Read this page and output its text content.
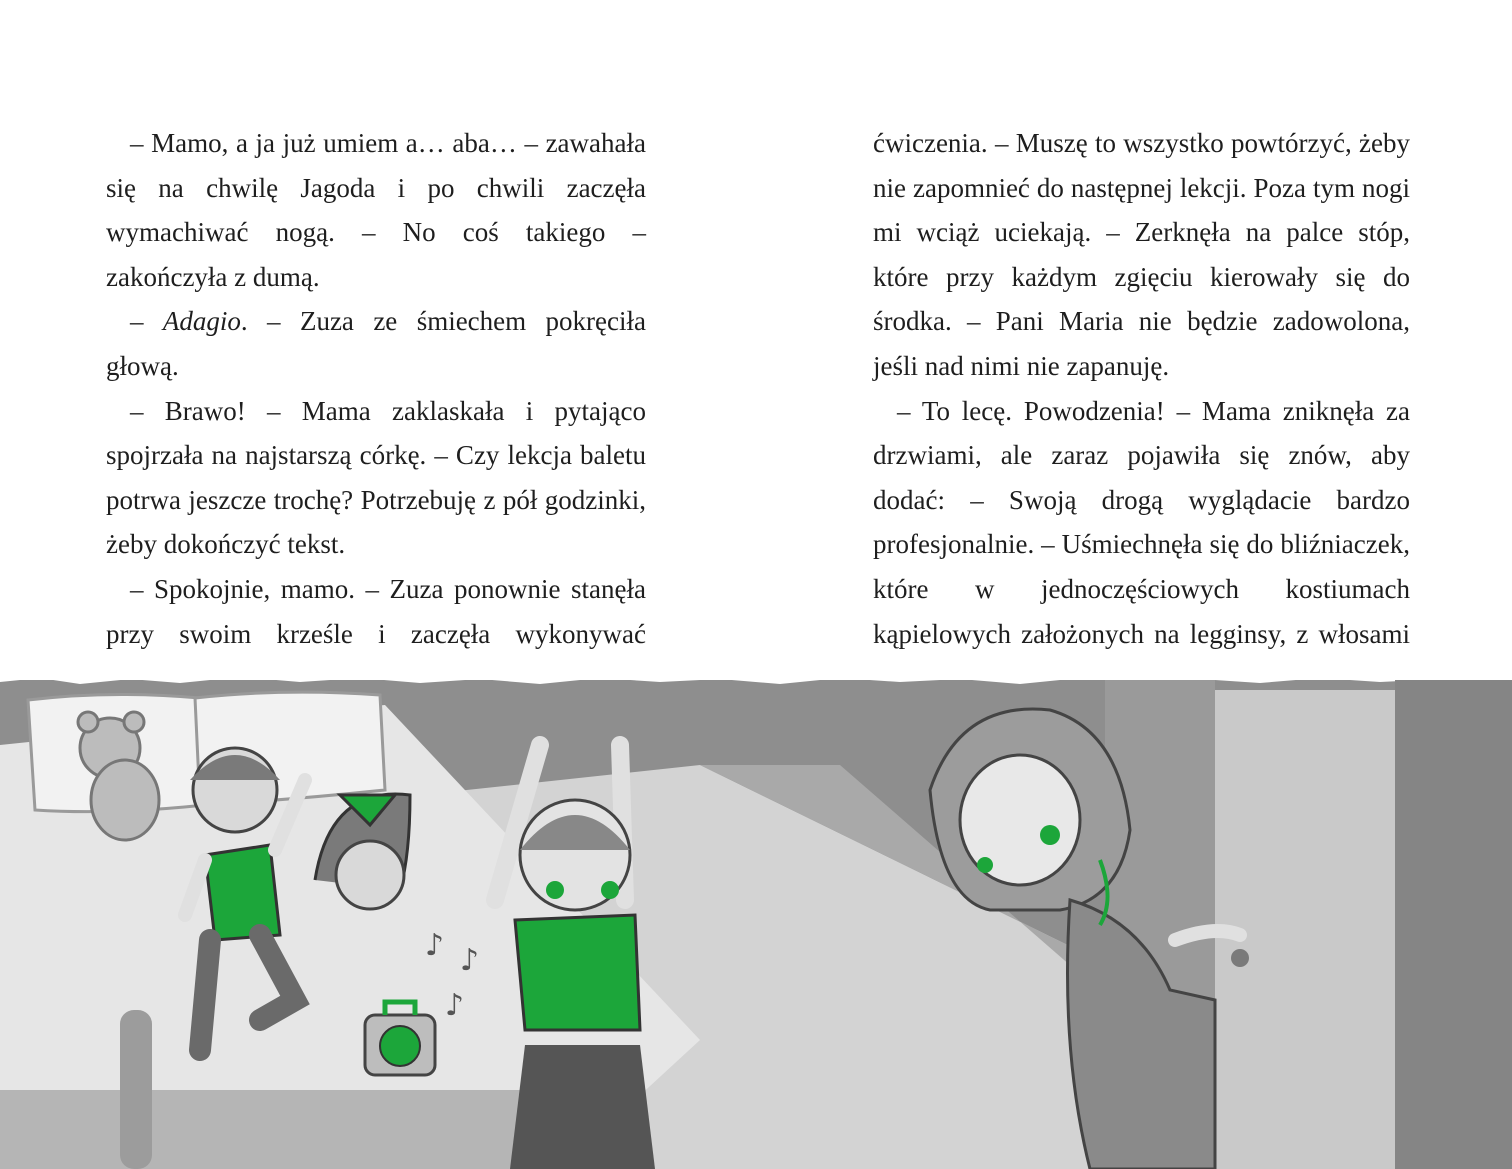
– Mamo, a ja już umiem a… aba… – zawahała się na chwilę Jagoda i po chwili zaczęła wymachiwać nogą. – No coś takiego – zakończyła z dumą.

– Adagio. – Zuza ze śmiechem pokręciła głową.

– Brawo! – Mama zaklaskała i pytająco spojrzała na najstarszą córkę. – Czy lekcja baletu potrwa jeszcze trochę? Potrzebuję z pół godzinki, żeby dokończyć tekst.

– Spokojnie, mamo. – Zuza ponownie stanęła przy swoim krześle i zaczęła wykonywać

ćwiczenia. – Muszę to wszystko powtórzyć, żeby nie zapomnieć do następnej lekcji. Poza tym nogi mi wciąż uciekają. – Zerknęła na palce stóp, które przy każdym zgięciu kierowały się do środka. – Pani Maria nie będzie zadowolona, jeśli nad nimi nie zapanuję.

– To lecę. Powodzenia! – Mama zniknęła za drzwiami, ale zaraz pojawiła się znów, aby dodać: – Swoją drogą wyglądacie bardzo profesjonalnie. – Uśmiechnęła się do bliźniaczek, które w jednoczęściowych kostiumach kąpielowych założonych na legginsy, z włosami

♪ ♪
♪
